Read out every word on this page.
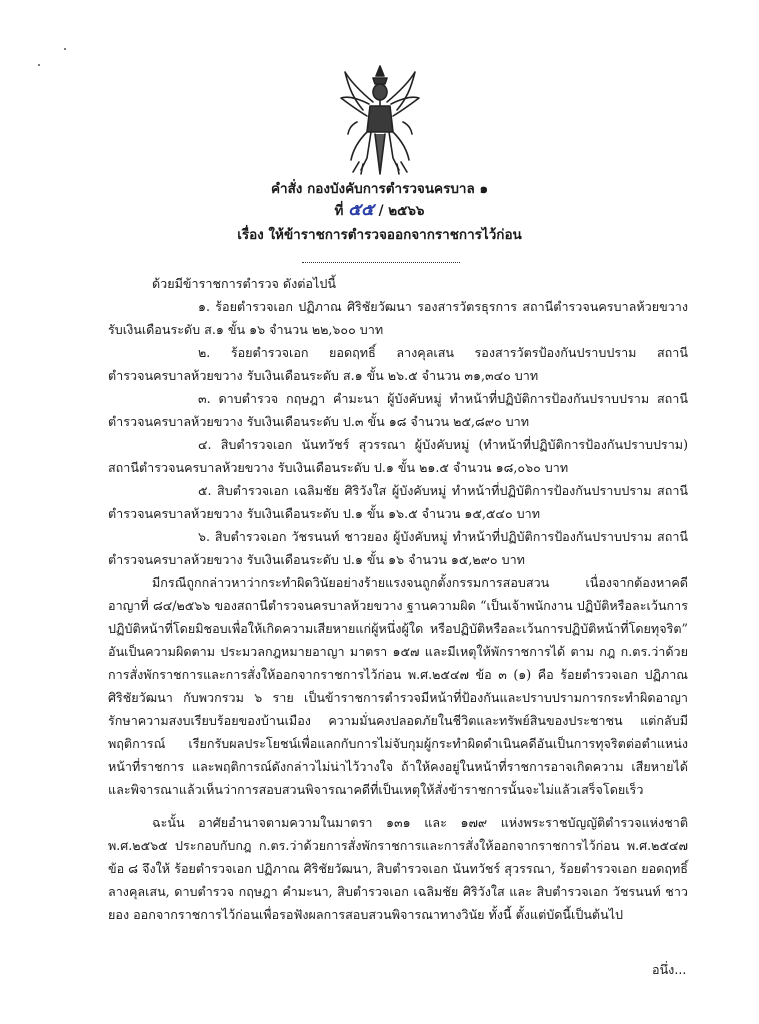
คำสั่ง กองบังคับการตำรวจนครบาล ๑
ที่ ๕๕ / ๒๕๖๖
เรื่อง ให้ข้าราชการตำรวจออกจากราชการไว้ก่อน

ด้วยมีข้าราชการตำรวจ ดังต่อไปนี้

๑. ร้อยตำรวจเอก ปฏิภาณ ศิริชัยวัฒนา รองสารวัตรธุรการ สถานีตำรวจนครบาลห้วยขวาง รับเงินเดือนระดับ ส.๑ ขั้น ๑๖ จำนวน ๒๒,๖๐๐ บาท

๒. ร้อยตำรวจเอก ยอดฤทธิ์ ลางคุลเสน รองสารวัตรป้องกันปราบปราม สถานีตำรวจนครบาลห้วยขวาง รับเงินเดือนระดับ ส.๑ ขั้น ๒๖.๕ จำนวน ๓๑,๓๔๐ บาท

๓. ดาบตำรวจ กฤษฎา คำมะนา ผู้บังคับหมู่ ทำหน้าที่ปฏิบัติการป้องกันปราบปราม สถานีตำรวจนครบาลห้วยขวาง รับเงินเดือนระดับ ป.๓ ขั้น ๑๘ จำนวน ๒๕,๘๙๐ บาท

๔. สิบตำรวจเอก นันทวัชร์ สุวรรณา ผู้บังคับหมู่ (ทำหน้าที่ปฏิบัติการป้องกันปราบปราม) สถานีตำรวจนครบาลห้วยขวาง รับเงินเดือนระดับ ป.๑ ขั้น ๒๑.๕ จำนวน ๑๘,๐๖๐ บาท

๕. สิบตำรวจเอก เฉลิมชัย ศิริวังใส ผู้บังคับหมู่ ทำหน้าที่ปฏิบัติการป้องกันปราบปราม สถานีตำรวจนครบาลห้วยขวาง รับเงินเดือนระดับ ป.๑ ขั้น ๑๖.๕ จำนวน ๑๕,๕๔๐ บาท

๖. สิบตำรวจเอก วัชรนนท์ ชาวยอง ผู้บังคับหมู่ ทำหน้าที่ปฏิบัติการป้องกันปราบปราม สถานีตำรวจนครบาลห้วยขวาง รับเงินเดือนระดับ ป.๑ ขั้น ๑๖ จำนวน ๑๕,๒๙๐ บาท

มีกรณีถูกกล่าวหาว่ากระทำผิดวินัยอย่างร้ายแรงจนถูกตั้งกรรมการสอบสวน เนื่องจากต้องหาคดีอาญาที่ ๘๔/๒๕๖๖ ของสถานีตำรวจนครบาลห้วยขวาง ฐานความผิด “เป็นเจ้าพนักงาน ปฏิบัติหรือละเว้นการปฏิบัติหน้าที่โดยมิชอบเพื่อให้เกิดความเสียหายแก่ผู้หนึ่งผู้ใด หรือปฏิบัติหรือละเว้นการปฏิบัติหน้าที่โดยทุจริต” อันเป็นความผิดตาม ประมวลกฎหมายอาญา มาตรา ๑๕๗ และมีเหตุให้พักราชการได้ ตาม กฎ ก.ตร.ว่าด้วยการสั่งพักราชการและการสั่งให้ออกจากราชการไว้ก่อน พ.ศ.๒๕๔๗ ข้อ ๓ (๑) คือ ร้อยตำรวจเอก ปฏิภาณ ศิริชัยวัฒนา กับพวกรวม ๖ ราย เป็นข้าราชการตำรวจมีหน้าที่ป้องกันและปราบปรามการกระทำผิดอาญา รักษาความสงบเรียบร้อยของบ้านเมือง ความมั่นคงปลอดภัยในชีวิตและทรัพย์สินของประชาชน แต่กลับมีพฤติการณ์ เรียกรับผลประโยชน์เพื่อแลกกับการไม่จับกุมผู้กระทำผิดดำเนินคดีอันเป็นการทุจริตต่อตำแหน่งหน้าที่ราชการ และพฤติการณ์ดังกล่าวไม่น่าไว้วางใจ ถ้าให้คงอยู่ในหน้าที่ราชการอาจเกิดความ เสียหายได้ และพิจารณาแล้วเห็นว่าการสอบสวนพิจารณาคดีที่เป็นเหตุให้สั่งข้าราชการนั้นจะไม่แล้วเสร็จโดยเร็ว

ฉะนั้น อาศัยอำนาจตามความในมาตรา ๑๓๑ และ ๑๗๙ แห่งพระราชบัญญัติตำรวจแห่งชาติ พ.ศ.๒๕๖๕ ประกอบกับกฎ ก.ตร.ว่าด้วยการสั่งพักราชการและการสั่งให้ออกจากราชการไว้ก่อน พ.ศ.๒๕๔๗ ข้อ ๘ จึงให้ ร้อยตำรวจเอก ปฏิภาณ ศิริชัยวัฒนา, สิบตำรวจเอก นันทวัชร์ สุวรรณา, ร้อยตำรวจเอก ยอดฤทธิ์ ลางคุลเสน, ดาบตำรวจ กฤษฎา คำมะนา, สิบตำรวจเอก เฉลิมชัย ศิริวังใส และ สิบตำรวจเอก วัชรนนท์ ชาวยอง ออกจากราชการไว้ก่อนเพื่อรอฟังผลการสอบสวนพิจารณาทางวินัย ทั้งนี้ ตั้งแต่บัดนี้เป็นต้นไป

อนึ่ง...
